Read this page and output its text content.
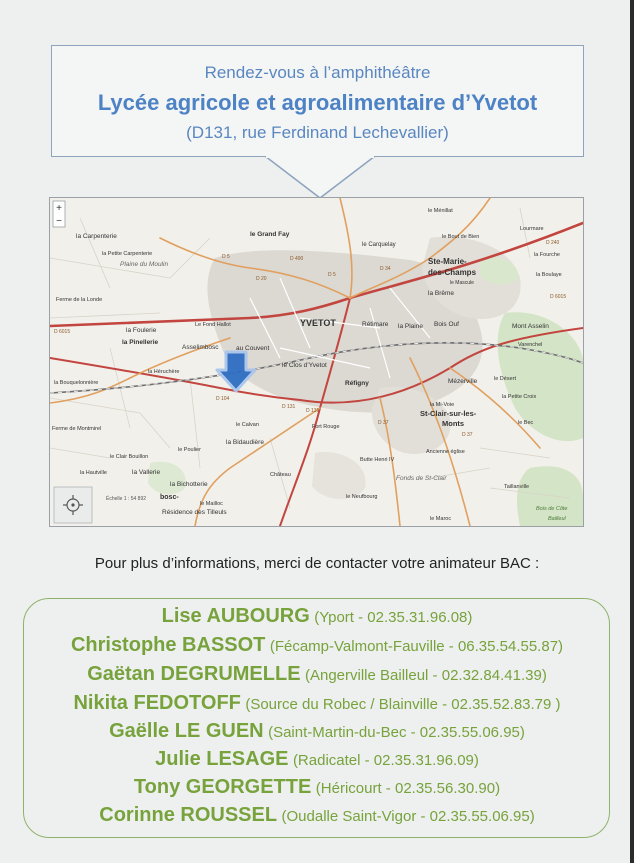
Rendez-vous à l’amphithéâtre
Lycée agricole et agroalimentaire d’Yvetot
(D131, rue Ferdinand Lechevallier)
+
−
Échelle 1 : 54 892
YVETOT
Ste-Marie-
des-Champs
le Grand Fay
la Carpenterie
la Petite Carpenterie
Plaine du Moulin
Ferme de la Londe
la Foulerie
la Pinellerie
Le Fond Hallot
Asselimbosc	au Couvent
le Clos d’Yvetot
la Héruchère
la Bouquelonnière
Ferme de Montmirel
le Clair Bouillon
la Hautville	la Vallerie
le Poulier
la Bichotterie
bosc-
Résidence des Tilleuls
le Mailloc
le Calvan
la Bidaudière
Château
Fort Rouge
Réfigny
Rétimare la Plaine Bois Ouf
la Brême
le Carquelay
le Ménillat
le Bout de Bien
le Mascule
Lourmare
la Fourche
la Boulaye
Mont Asselin
Varenchel
Mézerville	le Désert
la Petite Croix
la Mi-Voie
St-Clair-sur-les-
Monts	le Bec
Ancienne église
Butte Henri IV
Fonds de St-Clair
le Neufbourg
le Maroc
Taillanville
Bois de Côte
Bailleul
D 6015
D 131
D 5
D 20
D 34
D 37
D 104
D 240
D 490
D 5
D 131
D 37
D 6015
Pour plus d’informations, merci de contacter votre animateur BAC :
Lise AUBOURG (Yport - 02.35.31.96.08)
Christophe BASSOT (Fécamp-Valmont-Fauville - 06.35.54.55.87)
Gaëtan DEGRUMELLE (Angerville Bailleul - 02.32.84.41.39)
Nikita FEDOTOFF (Source du Robec / Blainville - 02.35.52.83.79 )
Gaëlle LE GUEN (Saint-Martin-du-Bec - 02.35.55.06.95)
Julie LESAGE (Radicatel - 02.35.31.96.09)
Tony GEORGETTE (Héricourt - 02.35.56.30.90)
Corinne ROUSSEL (Oudalle Saint-Vigor - 02.35.55.06.95)
